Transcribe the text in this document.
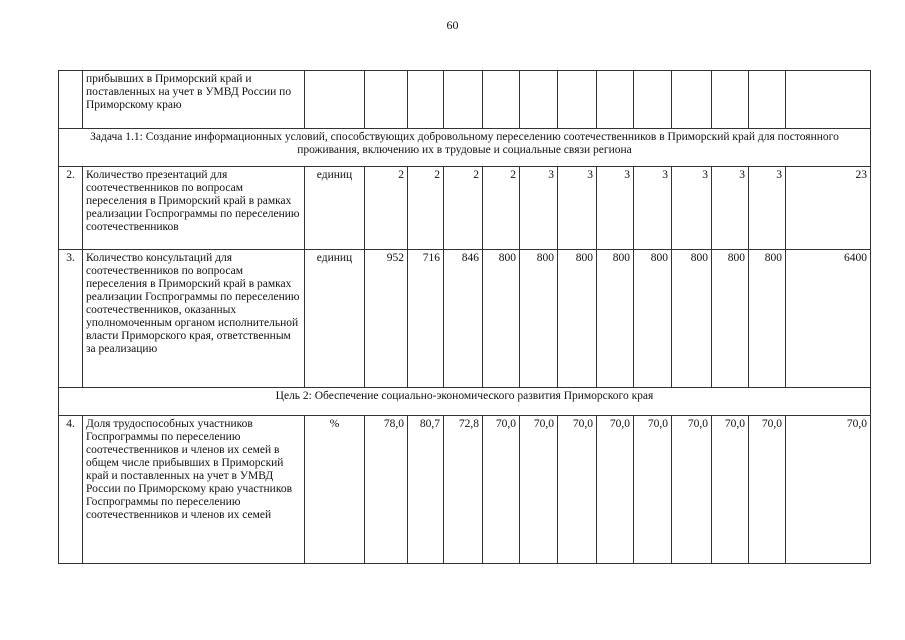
60
	прибывших в Приморский край и поставленных на учет в УМВД России по Приморскому краю													
Задача 1.1: Создание информационных условий, способствующих добровольному переселению соотечественников в Приморский край для постоянного проживания, включению их в трудовые и социальные связи региона														
2.	Количество презентаций для соотечественников по вопросам переселения в Приморский край в рамках реализации Госпрограммы по переселению соотечественников	единиц	2	2	2	2	3	3	3	3	3	3	3	23
3.	Количество консультаций для соотечественников по вопросам переселения в Приморский край в рамках реализации Госпрограммы по переселению соотечественников, оказанных уполномоченным органом исполнительной власти Приморского края, ответственным за реализацию	единиц	952	716	846	800	800	800	800	800	800	800	800	6400
Цель 2: Обеспечение социально-экономического развития Приморского края														
4.	Доля трудоспособных участников Госпрограммы по переселению соотечественников и членов их семей в общем числе прибывших в Приморский край и поставленных на учет в УМВД России по Приморскому краю участников Госпрограммы по переселению соотечественников и членов их семей	%	78,0	80,7	72,8	70,0	70,0	70,0	70,0	70,0	70,0	70,0	70,0	70,0
